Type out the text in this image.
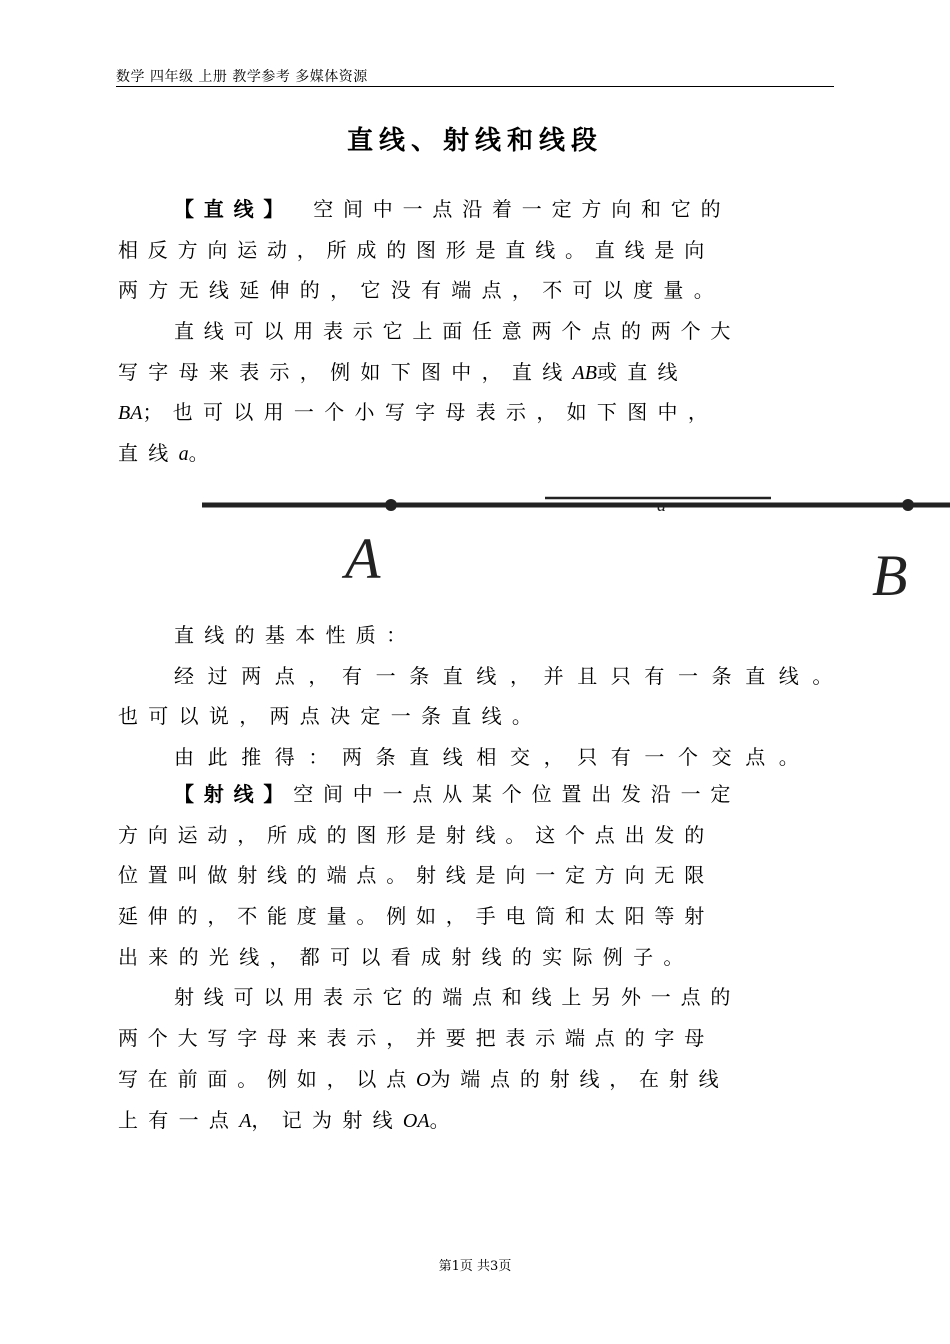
数学 四年级 上册 教学参考 多媒体资源
直线、射线和线段
【直线】 空间中一点沿着一定方向和它的
相反方向运动，所成的图形是直线。直线是向
两方无线延伸的，它没有端点，不可以度量。
直线可以用表示它上面任意两个点的两个大
写字母来表示，例如下图中，直线AB或直线
BA；也可以用一个小写字母表示，如下图中，
直线a。
a
A	B
直线的基本性质：
经过两点，有一条直线，并且只有一条直线。
也可以说，两点决定一条直线。
由此推得：两条直线相交，只有一个交点。
【射线】空间中一点从某个位置出发沿一定
方向运动，所成的图形是射线。这个点出发的
位置叫做射线的端点。射线是向一定方向无限
延伸的，不能度量。例如，手电筒和太阳等射
出来的光线，都可以看成射线的实际例子。
射线可以用表示它的端点和线上另外一点的
两个大写字母来表示，并要把表示端点的字母
写在前面。例如，以点O为端点的射线，在射线
上有一点A，记为射线OA。
第1页 共3页
